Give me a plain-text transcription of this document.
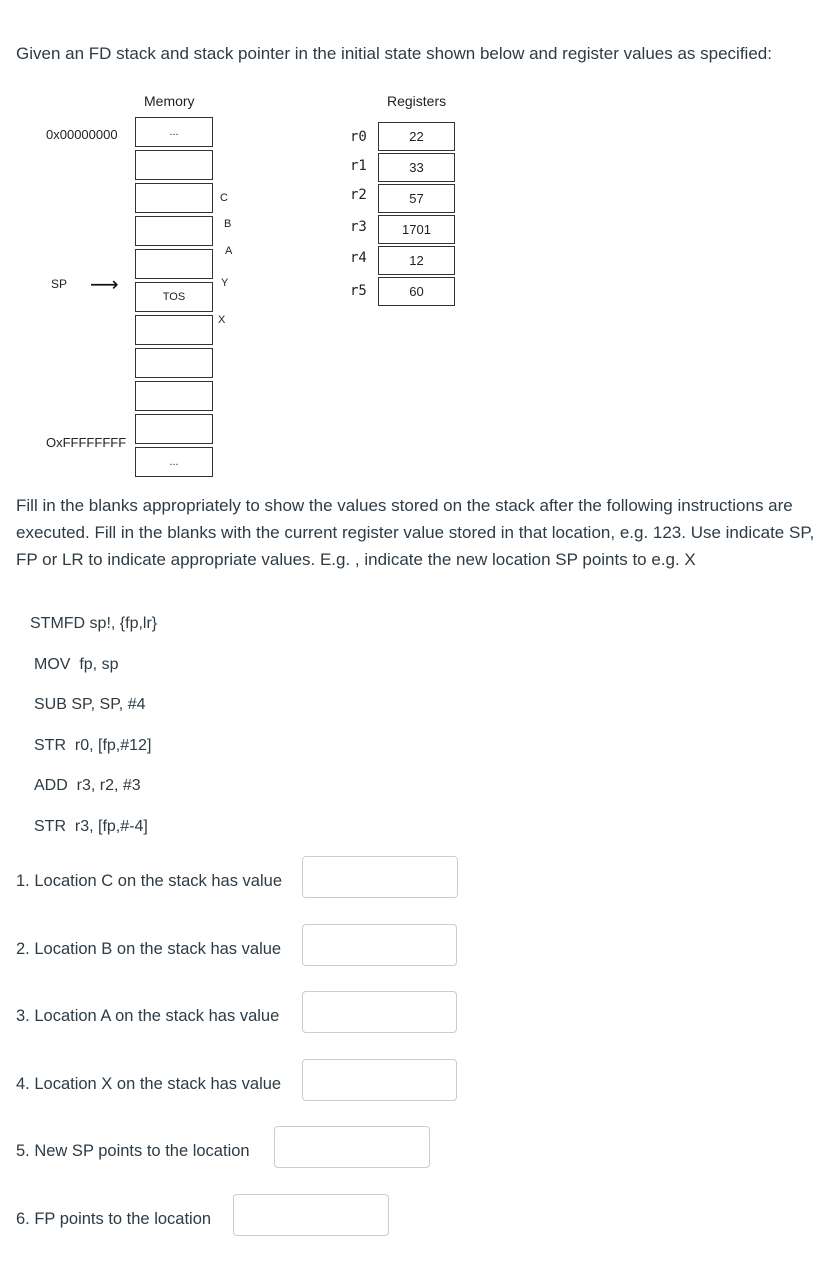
Given an FD stack and stack pointer in the initial state shown below and register values as specified:
Memory
0x00000000
OxFFFFFFFF
SP ⟶
...
TOS
...
C
B
A
Y
X
Registers
r0	22
r1	33
r2	57
r3	1701
r4	12
r5	60
Fill in the blanks appropriately to show the values stored on the stack after the following instructions are executed. Fill in the blanks with the current register value stored in that location, e.g. 123. Use indicate SP, FP or LR to indicate appropriate values. E.g. , indicate the new location SP points to e.g. X
STMFD sp!, {fp,lr}
MOV  fp, sp
SUB SP, SP, #4
STR  r0, [fp,#12]
ADD  r3, r2, #3
STR  r3, [fp,#-4]
1. Location C on the stack has value
2. Location B on the stack has value
3. Location A on the stack has value
4. Location X on the stack has value
5. New SP points to the location
6. FP points to the location
